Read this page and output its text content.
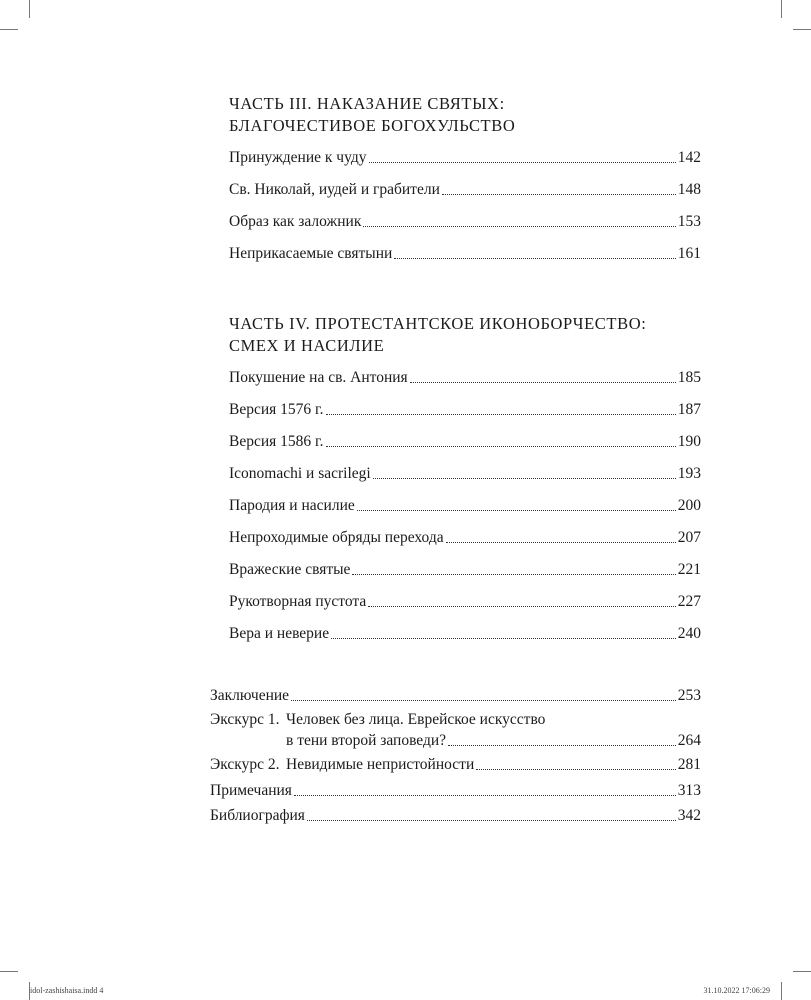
ЧАСТЬ III. НАКАЗАНИЕ СВЯТЫХ:
БЛАГОЧЕСТИВОЕ БОГОХУЛЬСТВО
Принуждение к чуду	142
Св. Николай, иудей и грабители	148
Образ как заложник	153
Неприкасаемые святыни	161
ЧАСТЬ IV. ПРОТЕСТАНТСКОЕ ИКОНОБОРЧЕСТВО:
СМЕХ И НАСИЛИЕ
Покушение на св. Антония	185
Версия 1576 г.	187
Версия 1586 г.	190
Iconomachi и sacrilegi	193
Пародия и насилие	200
Непроходимые обряды перехода	207
Вражеские святые	221
Рукотворная пустота	227
Вера и неверие	240
Заключение	253
Экскурс 1. Человек без лица. Еврейское искусство
в тени второй заповеди?	264
Экскурс 2. Невидимые непристойности	281
Примечания	313
Библиография	342
idol-zashishaisa.indd 4	31.10.2022 17:06:29
